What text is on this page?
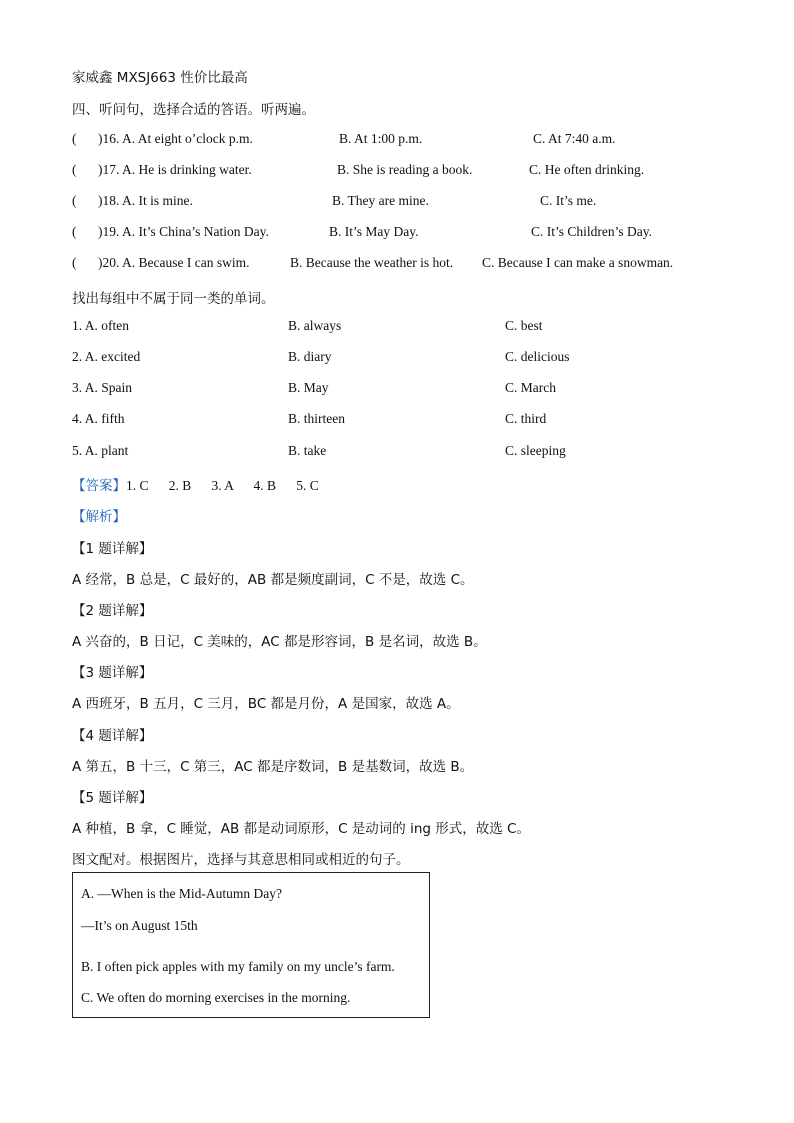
家威鑫 MXSJ663 性价比最高
四、听问句，选择合适的答语。听两遍。
( )16. A. At eight o’clock p.m.	B. At 1:00 p.m.	C. At 7:40 a.m.
( )17. A. He is drinking water.	B. She is reading a book.	C. He often drinking.
( )18. A. It is mine.	B. They are mine.	C. It’s me.
( )19. A. It’s China’s Nation Day.	B. It’s May Day.	C. It’s Children’s Day.
( )20. A. Because I can swim.	B. Because the weather is hot. C. Because I can make a snowman.
找出每组中不属于同一类的单词。
1. A. often	B. always	C. best
2. A. excited	B. diary	C. delicious
3. A. Spain	B. May	C. March
4. A. fifth	B. thirteen	C. third
5. A. plant	B. take	C. sleeping
【答案】1. C      2. B      3. A      4. B      5. C
【解析】
【1 题详解】
A 经常，B 总是，C 最好的，AB 都是频度副词，C 不是，故选 C。
【2 题详解】
A 兴奋的，B 日记，C 美味的，AC 都是形容词，B 是名词，故选 B。
【3 题详解】
A 西班牙，B 五月，C 三月，BC 都是月份，A 是国家，故选 A。
【4 题详解】
A 第五，B 十三，C 第三，AC 都是序数词，B 是基数词，故选 B。
【5 题详解】
A 种植，B 拿，C 睡觉，AB 都是动词原形，C 是动词的 ing 形式，故选 C。
图文配对。根据图片，选择与其意思相同或相近的句子。
A. —When is the Mid-Autumn Day?
—It’s on August 15th
B. I often pick apples with my family on my uncle’s farm.
C. We often do morning exercises in the morning.
